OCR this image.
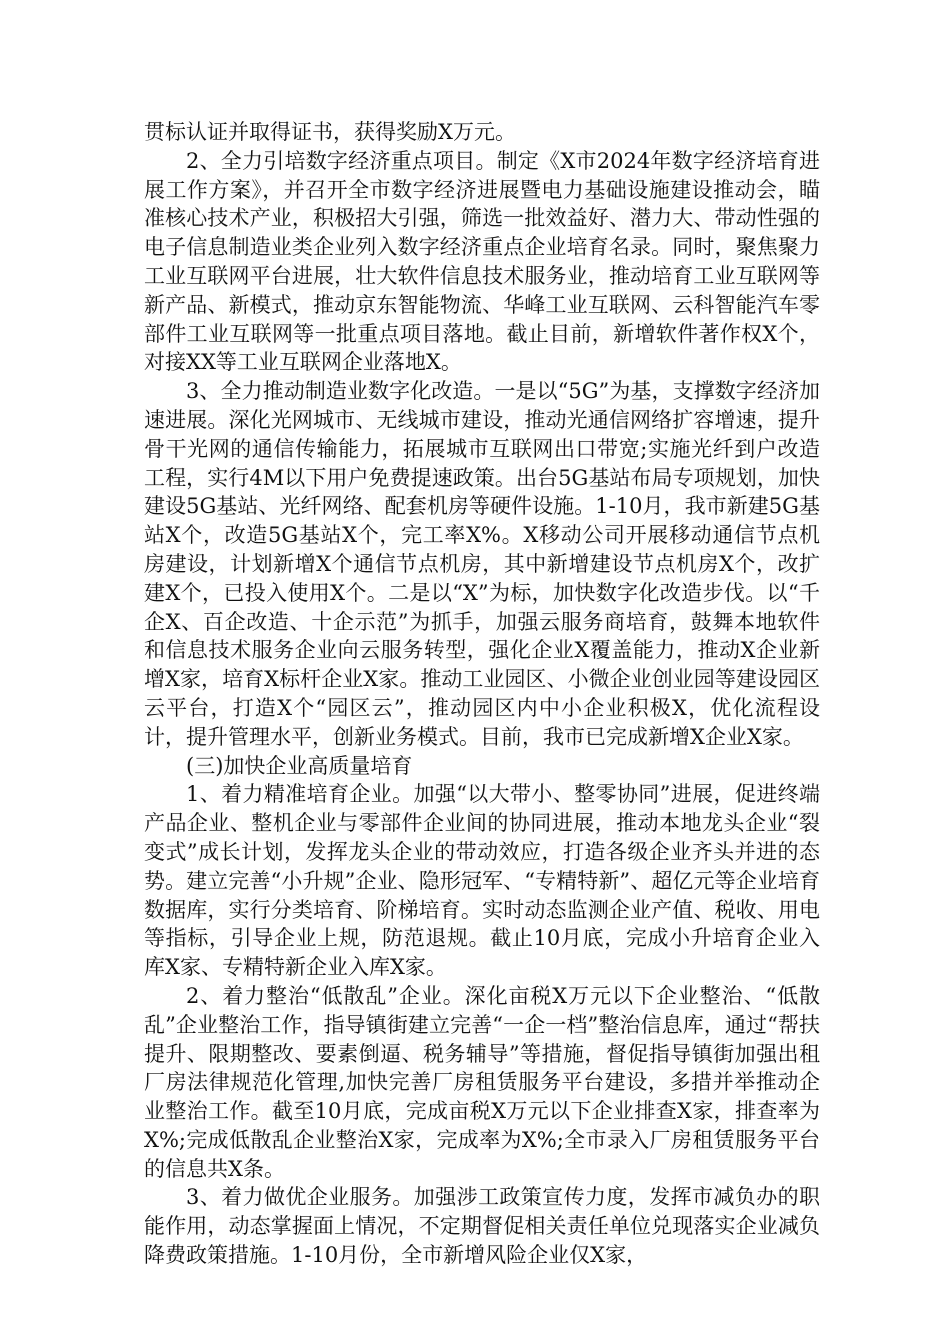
贯标认证并取得证书，获得奖励X万元。

2、全力引培数字经济重点项目。制定《X市2024年数字经济培育进展工作方案》，并召开全市数字经济进展暨电力基础设施建设推动会，瞄准核心技术产业，积极招大引强，筛选一批效益好、潜力大、带动性强的电子信息制造业类企业列入数字经济重点企业培育名录。同时，聚焦聚力工业互联网平台进展，壮大软件信息技术服务业，推动培育工业互联网等新产品、新模式，推动京东智能物流、华峰工业互联网、云科智能汽车零部件工业互联网等一批重点项目落地。截止目前，新增软件著作权X个，对接XX等工业互联网企业落地X。

3、全力推动制造业数字化改造。一是以“5G”为基，支撑数字经济加速进展。深化光网城市、无线城市建设，推动光通信网络扩容增速，提升骨干光网的通信传输能力，拓展城市互联网出口带宽;实施光纤到户改造工程，实行4M以下用户免费提速政策。出台5G基站布局专项规划，加快建设5G基站、光纤网络、配套机房等硬件设施。1-10月，我市新建5G基站X个，改造5G基站X个，完工率X%。X移动公司开展移动通信节点机房建设，计划新增X个通信节点机房，其中新增建设节点机房X个，改扩建X个，已投入使用X个。二是以“X”为标，加快数字化改造步伐。以“千企X、百企改造、十企示范”为抓手，加强云服务商培育，鼓舞本地软件和信息技术服务企业向云服务转型，强化企业X覆盖能力，推动X企业新增X家，培育X标杆企业X家。推动工业园区、小微企业创业园等建设园区云平台，打造X个“园区云”，推动园区内中小企业积极X，优化流程设计，提升管理水平，创新业务模式。目前，我市已完成新增X企业X家。

(三)加快企业高质量培育

1、着力精准培育企业。加强“以大带小、整零协同”进展，促进终端产品企业、整机企业与零部件企业间的协同进展，推动本地龙头企业“裂变式”成长计划，发挥龙头企业的带动效应，打造各级企业齐头并进的态势。建立完善“小升规”企业、隐形冠军、“专精特新”、超亿元等企业培育数据库，实行分类培育、阶梯培育。实时动态监测企业产值、税收、用电等指标，引导企业上规，防范退规。截止10月底，完成小升培育企业入库X家、专精特新企业入库X家。

2、着力整治“低散乱”企业。深化亩税X万元以下企业整治、“低散乱”企业整治工作，指导镇街建立完善“一企一档”整治信息库，通过“帮扶提升、限期整改、要素倒逼、税务辅导”等措施，督促指导镇街加强出租厂房法律规范化管理,加快完善厂房租赁服务平台建设，多措并举推动企业整治工作。截至10月底，完成亩税X万元以下企业排查X家，排查率为X%;完成低散乱企业整治X家，完成率为X%;全市录入厂房租赁服务平台的信息共X条。

3、着力做优企业服务。加强涉工政策宣传力度，发挥市减负办的职能作用，动态掌握面上情况，不定期督促相关责任单位兑现落实企业减负降费政策措施。1-10月份，全市新增风险企业仅X家，
